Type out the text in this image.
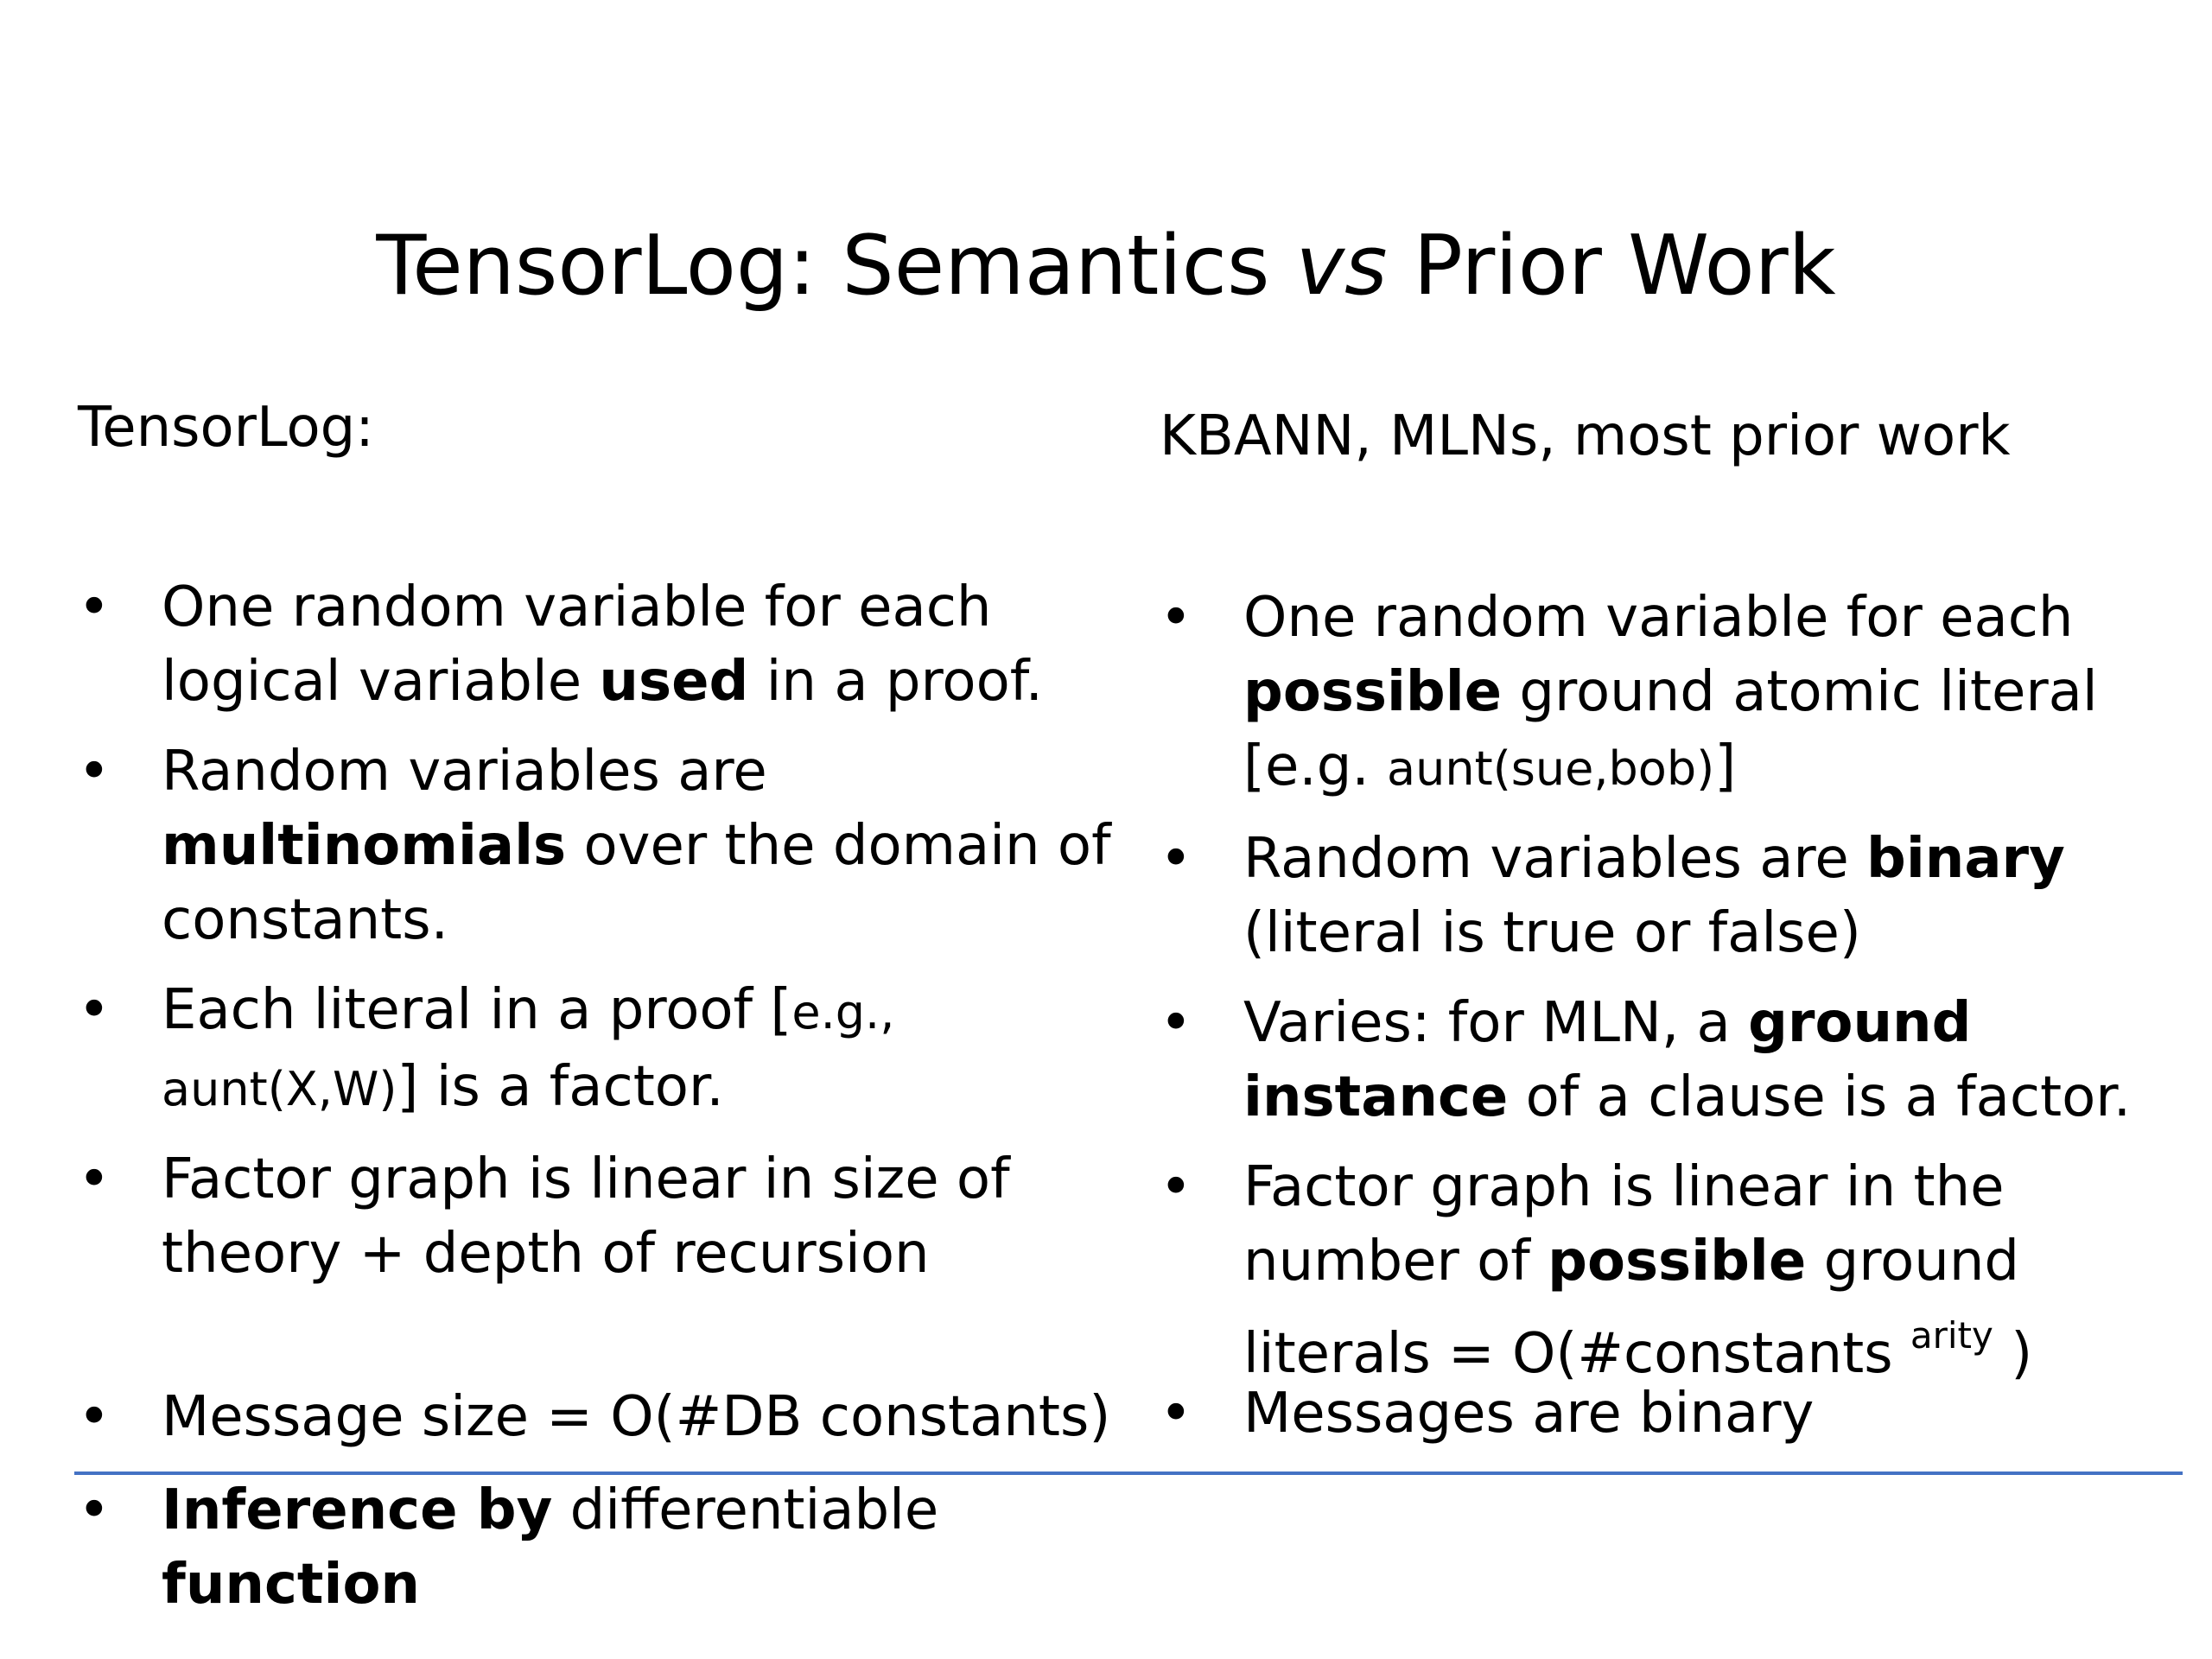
TensorLog: Semantics vs Prior Work

TensorLog:	KBANN, MLNs, most prior work

• One random variable for each logical variable used in a proof.
• Random variables are multinomials over the domain of constants.
• Each literal in a proof [e.g., aunt(X,W)] is a factor.
• Factor graph is linear in size of theory + depth of recursion
• Message size = O(#DB constants)
• Inference by differentiable function
• One random variable for each possible ground atomic literal [e.g. aunt(sue,bob)]
• Random variables are binary (literal is true or false)
• Varies: for MLN, a ground instance of a clause is a factor.
• Factor graph is linear in the number of possible ground literals = O(#constants $^{arity}$ )
• Messages are binary
